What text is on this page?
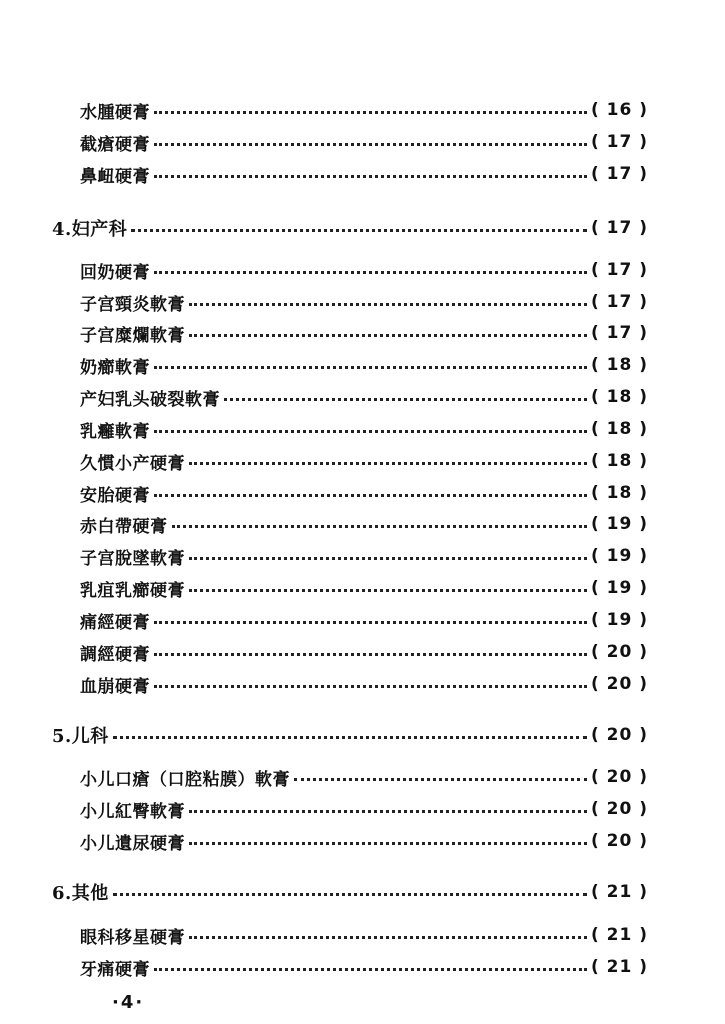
水腫硬膏	( 16 )
截瘡硬膏	( 17 )
鼻衄硬膏	( 17 )
4.妇产科	( 17 )
回奶硬膏	( 17 )
子宫頸炎軟膏	( 17 )
子宫糜爛軟膏	( 17 )
奶癤軟膏	( 18 )
产妇乳头破裂軟膏	( 18 )
乳癰軟膏	( 18 )
久慣小产硬膏	( 18 )
安胎硬膏	( 18 )
赤白帶硬膏	( 19 )
子宫脫墜軟膏	( 19 )
乳疽乳癤硬膏	( 19 )
痛經硬膏	( 19 )
調經硬膏	( 20 )
血崩硬膏	( 20 )
5.儿科	( 20 )
小儿口瘡（口腔粘膜）軟膏	( 20 )
小儿紅臀軟膏	( 20 )
小儿遺尿硬膏	( 20 )
6.其他	( 21 )
眼科移星硬膏	( 21 )
牙痛硬膏	( 21 )
·4·
